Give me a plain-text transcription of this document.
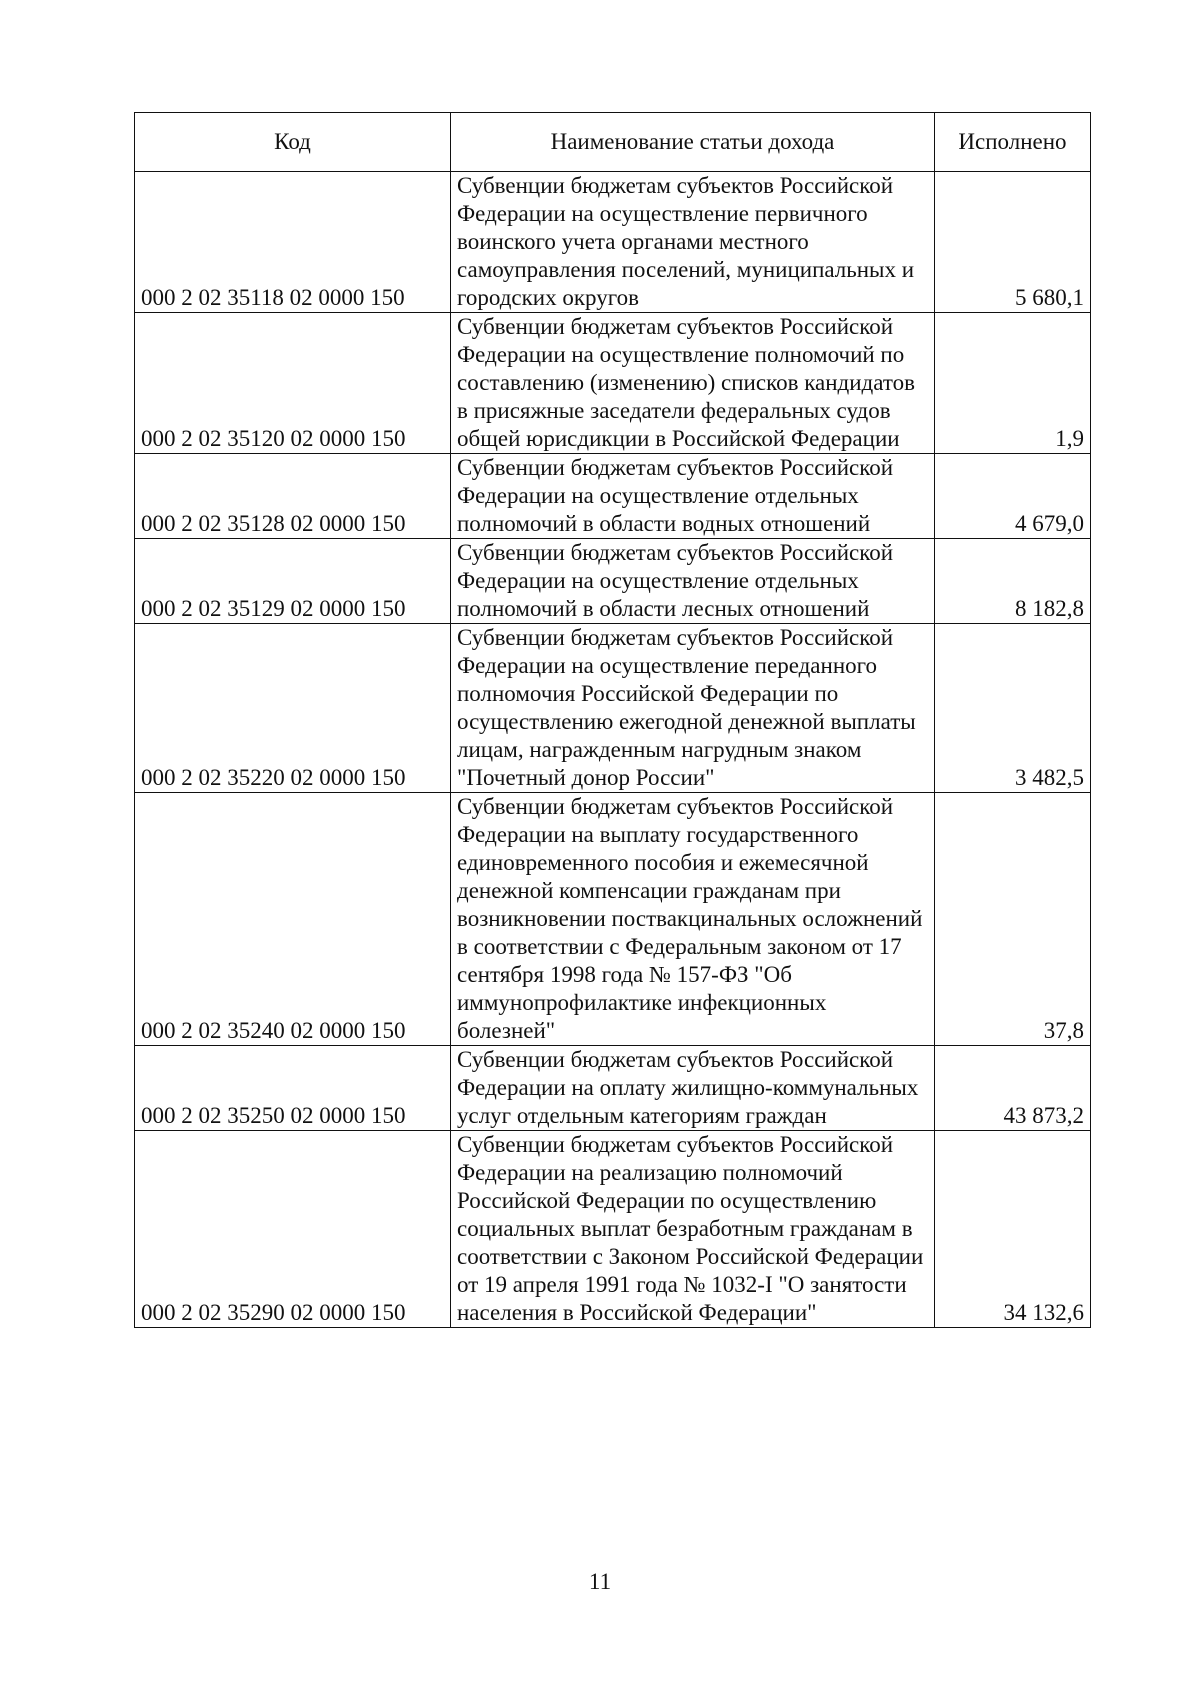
Код	Наименование статьи дохода	Исполнено
000 2 02 35118 02 0000 150	Субвенции бюджетам субъектов Российской Федерации на осуществление первичного воинского учета органами местного самоуправления поселений, муниципальных и городских округов	5 680,1
000 2 02 35120 02 0000 150	Субвенции бюджетам субъектов Российской Федерации на осуществление полномочий по составлению (изменению) списков кандидатов в присяжные заседатели федеральных судов общей юрисдикции в Российской Федерации	1,9
000 2 02 35128 02 0000 150	Субвенции бюджетам субъектов Российской Федерации на осуществление отдельных полномочий в области водных отношений	4 679,0
000 2 02 35129 02 0000 150	Субвенции бюджетам субъектов Российской Федерации на осуществление отдельных полномочий в области лесных отношений	8 182,8
000 2 02 35220 02 0000 150	Субвенции бюджетам субъектов Российской Федерации на осуществление переданного полномочия Российской Федерации по осуществлению ежегодной денежной выплаты лицам, награжденным нагрудным знаком "Почетный донор России"	3 482,5
000 2 02 35240 02 0000 150	Субвенции бюджетам субъектов Российской Федерации на выплату государственного единовременного пособия и ежемесячной денежной компенсации гражданам при возникновении поствакцинальных осложнений в соответствии с Федеральным законом от 17 сентября 1998 года № 157-ФЗ "Об иммунопрофилактике инфекционных болезней"	37,8
000 2 02 35250 02 0000 150	Субвенции бюджетам субъектов Российской Федерации на оплату жилищно-коммунальных услуг отдельным категориям граждан	43 873,2
000 2 02 35290 02 0000 150	Субвенции бюджетам субъектов Российской Федерации на реализацию полномочий Российской Федерации по осуществлению социальных выплат безработным гражданам в соответствии с Законом Российской Федерации от 19 апреля 1991 года № 1032-I "О занятости населения в Российской Федерации"	34 132,6
11
